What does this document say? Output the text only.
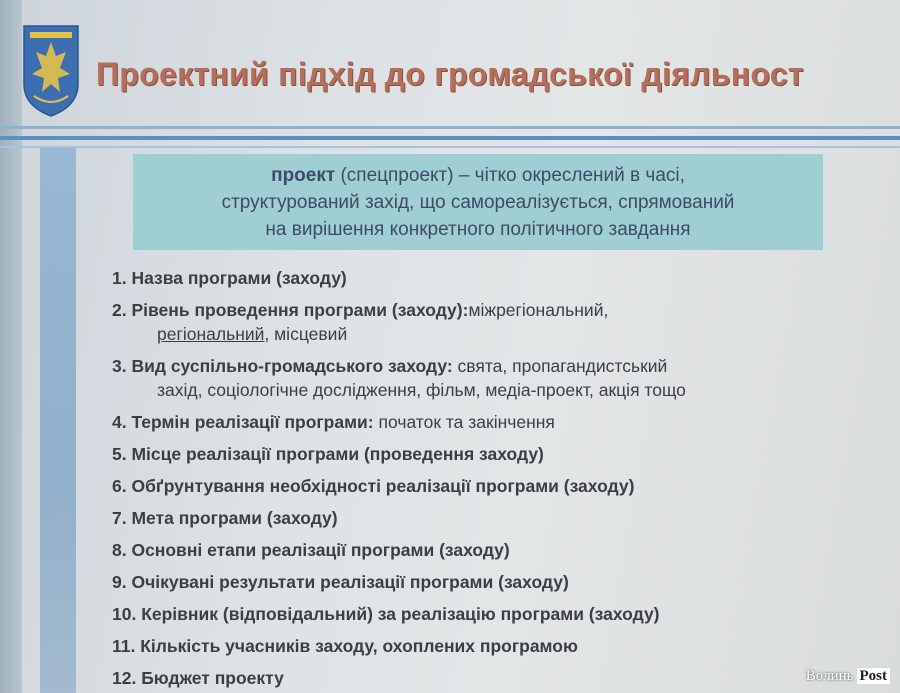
Проектний підхід до громадської діяльност
проект (спецпроект) – чітко окреслений в часі,
структурований захід, що самореалізується, спрямований
на вирішення конкретного політичного завдання
1. Назва програми (заходу)
2. Рівень проведення програми (заходу):міжрегіональний,
регіональний, місцевий
3. Вид суспільно-громадського заходу: свята, пропагандистський
захід, соціологічне дослідження, фільм, медіа-проект, акція тощо
4. Термін реалізації програми: початок та закінчення
5. Місце реалізації програми (проведення заходу)
6. Обґрунтування необхідності реалізації програми (заходу)
7. Мета програми (заходу)
8. Основні етапи реалізації програми (заходу)
9. Очікувані результати реалізації програми (заходу)
10. Керівник (відповідальний) за реалізацію програми (заходу)
11. Кількість учасників заходу, охоплених програмою
12. Бюджет проекту	Волинь Post
